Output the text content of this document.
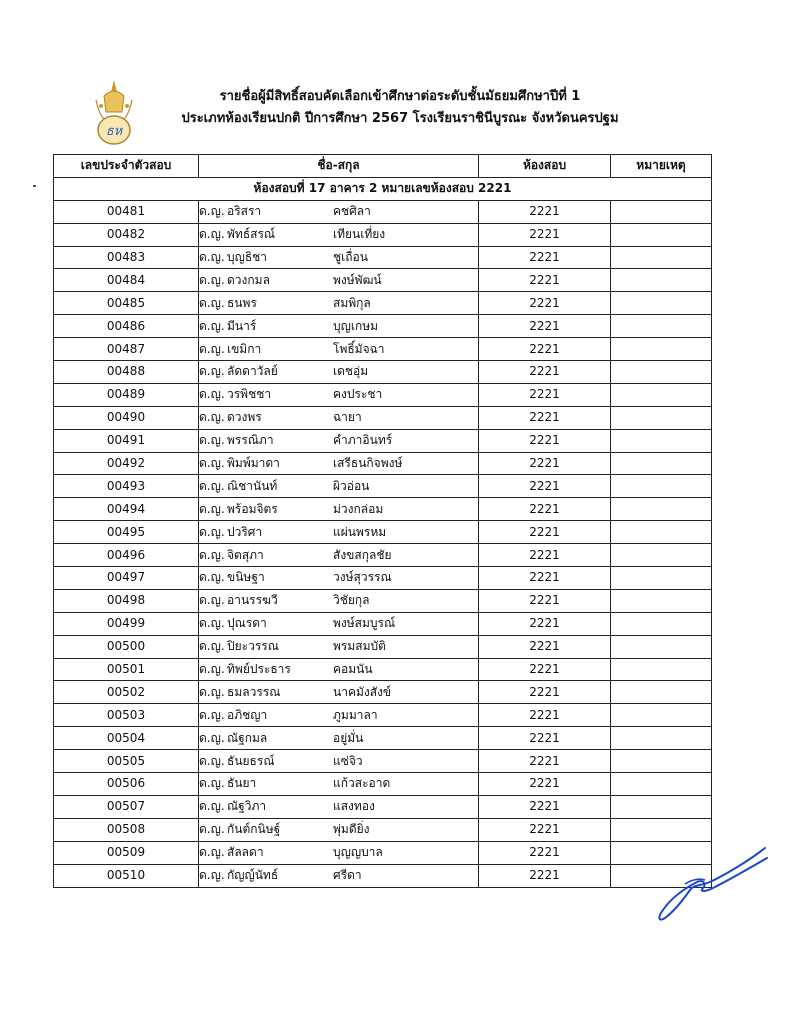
ธห
รายชื่อผู้มีสิทธิ์สอบคัดเลือกเข้าศึกษาต่อระดับชั้นมัธยมศึกษาปีที่ 1
ประเภทห้องเรียนปกติ ปีการศึกษา 2567 โรงเรียนราชินีบูรณะ จังหวัดนครปฐม
เลขประจำตัวสอบ	ชื่อ-สกุล	ห้องสอบ	หมายเหตุ
ห้องสอบที่ 17 อาคาร 2 หมายเลขห้องสอบ 2221			
00481	ด.ญ. อริสรา คชศิลา	2221	
00482	ด.ญ. พัทธ์สรณ์ เทียนเที่ยง	2221	
00483	ด.ญ. บุญธิชา ชูเถื่อน	2221	
00484	ด.ญ. ดวงกมล พงษ์พัฒน์	2221	
00485	ด.ญ. ธนพร สมพิกุล	2221	
00486	ด.ญ. มีนาร์ บุญเกษม	2221	
00487	ด.ญ. เขมิกา โพธิ์มัจฉา	2221	
00488	ด.ญ. ลัดดาวัลย์ เดชอุ่ม	2221	
00489	ด.ญ. วรพิชชา คงประชา	2221	
00490	ด.ญ. ดวงพร ฉายา	2221	
00491	ด.ญ. พรรณิภา คำภาอินทร์	2221	
00492	ด.ญ. พิมพ์มาดา เสรีธนกิจพงษ์	2221	
00493	ด.ญ. ณิชานันท์ ผิวอ่อน	2221	
00494	ด.ญ. พร้อมจิตร ม่วงกล่อม	2221	
00495	ด.ญ. ปวริศา แผ่นพรหม	2221	
00496	ด.ญ. จิตสุภา สังขสกุลชัย	2221	
00497	ด.ญ. ขนิษฐา วงษ์สุวรรณ	2221	
00498	ด.ญ. อานรรฆวี วิชัยกุล	2221	
00499	ด.ญ. ปุณรดา พงษ์สมบูรณ์	2221	
00500	ด.ญ. ปิยะวรรณ พรมสมบัติ	2221	
00501	ด.ญ. ทิพย์ประธาร คอมนัน	2221	
00502	ด.ญ. ธมลวรรณ นาคมังสังข์	2221	
00503	ด.ญ. อภิชญา ภูมมาลา	2221	
00504	ด.ญ. ณัฐกมล อยู่มั่น	2221	
00505	ด.ญ. ธันยธรณ์ แซ่จิว	2221	
00506	ด.ญ. ธันยา แก้วสะอาด	2221	
00507	ด.ญ. ณัฐวิภา แสงทอง	2221	
00508	ด.ญ. กันต์กนิษฐ์ พุ่มดียิ่ง	2221	
00509	ด.ญ. สัลลดา บุญญบาล	2221	
00510	ด.ญ. กัญญ์นัทธ์ ศรีดา	2221	
